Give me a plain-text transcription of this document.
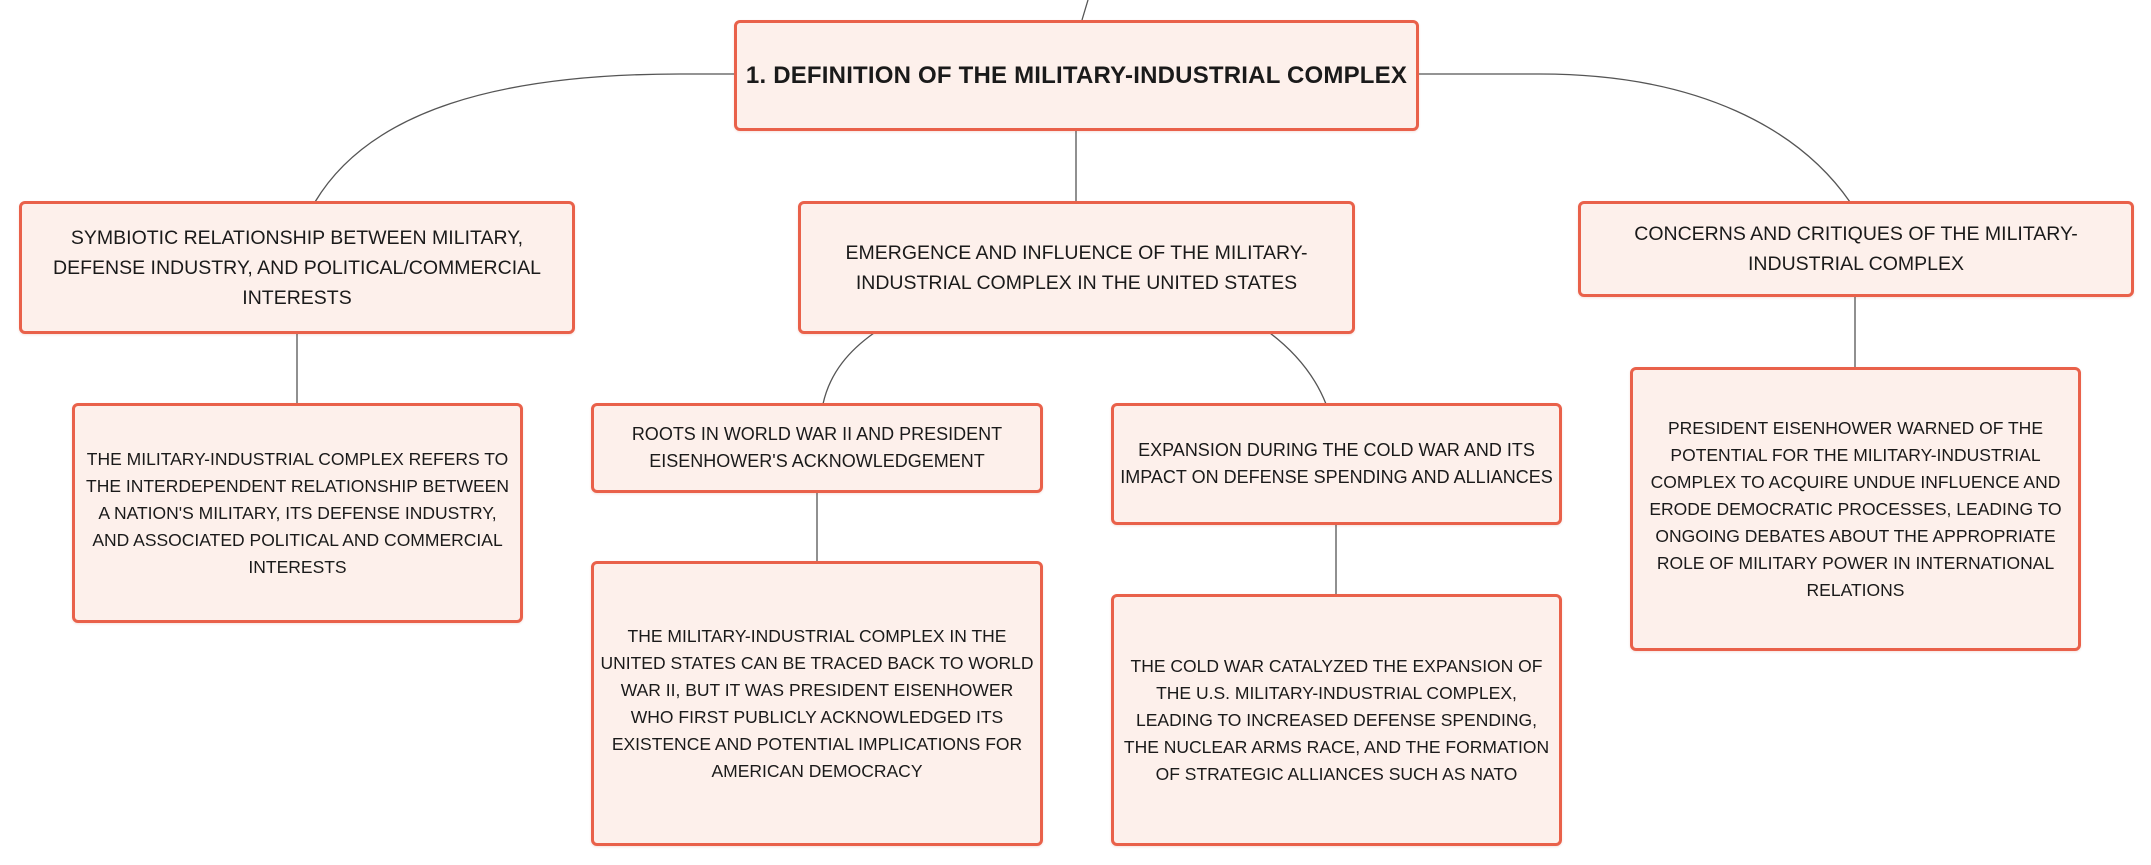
1. DEFINITION OF THE MILITARY-INDUSTRIAL COMPLEX
SYMBIOTIC RELATIONSHIP BETWEEN MILITARY, DEFENSE INDUSTRY, AND POLITICAL/COMMERCIAL INTERESTS
EMERGENCE AND INFLUENCE OF THE MILITARY-INDUSTRIAL COMPLEX IN THE UNITED STATES
CONCERNS AND CRITIQUES OF THE MILITARY-INDUSTRIAL COMPLEX
ROOTS IN WORLD WAR II AND PRESIDENT EISENHOWER'S ACKNOWLEDGEMENT
EXPANSION DURING THE COLD WAR AND ITS IMPACT ON DEFENSE SPENDING AND ALLIANCES
THE MILITARY-INDUSTRIAL COMPLEX REFERS TO THE INTERDEPENDENT RELATIONSHIP BETWEEN A NATION'S MILITARY, ITS DEFENSE INDUSTRY, AND ASSOCIATED POLITICAL AND COMMERCIAL INTERESTS
THE MILITARY-INDUSTRIAL COMPLEX IN THE UNITED STATES CAN BE TRACED BACK TO WORLD WAR II, BUT IT WAS PRESIDENT EISENHOWER WHO FIRST PUBLICLY ACKNOWLEDGED ITS EXISTENCE AND POTENTIAL IMPLICATIONS FOR AMERICAN DEMOCRACY
THE COLD WAR CATALYZED THE EXPANSION OF THE U.S. MILITARY-INDUSTRIAL COMPLEX, LEADING TO INCREASED DEFENSE SPENDING, THE NUCLEAR ARMS RACE, AND THE FORMATION OF STRATEGIC ALLIANCES SUCH AS NATO
PRESIDENT EISENHOWER WARNED OF THE POTENTIAL FOR THE MILITARY-INDUSTRIAL COMPLEX TO ACQUIRE UNDUE INFLUENCE AND ERODE DEMOCRATIC PROCESSES, LEADING TO ONGOING DEBATES ABOUT THE APPROPRIATE ROLE OF MILITARY POWER IN INTERNATIONAL RELATIONS
